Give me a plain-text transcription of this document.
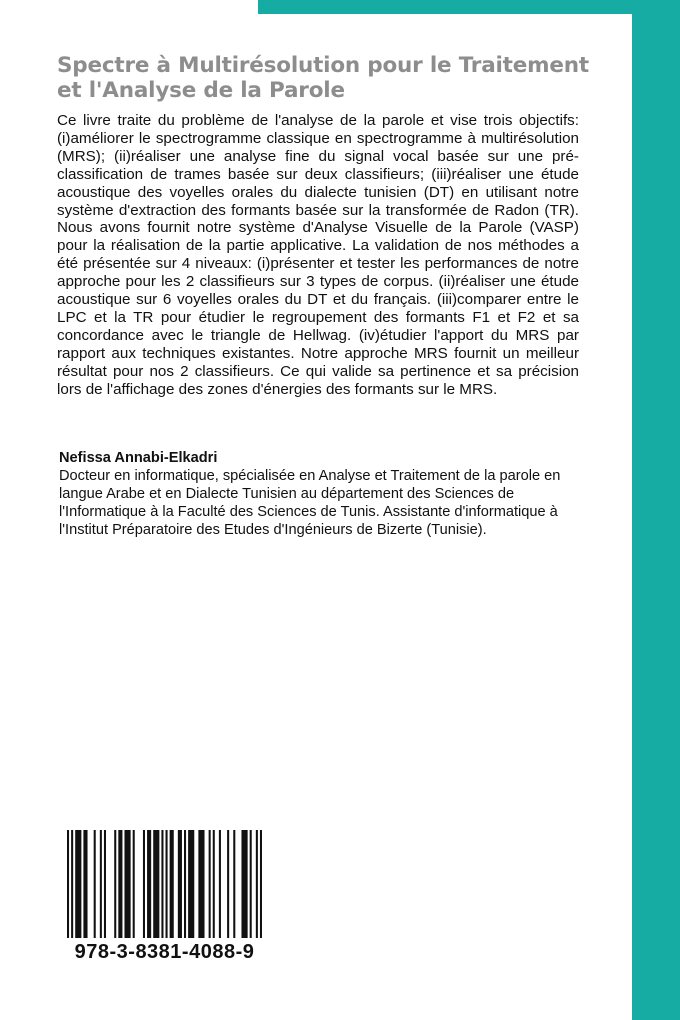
Spectre à Multirésolution pour le Traitement et l'Analyse de la Parole

Ce livre traite du problème de l'analyse de la parole et vise trois objectifs: (i)améliorer le spectrogramme classique en spectrogramme à multirésolution (MRS); (ii)réaliser une analyse fine du signal vocal basée sur une pré-classification de trames basée sur deux classifieurs; (iii)réaliser une étude acoustique des voyelles orales du dialecte tunisien (DT) en utilisant notre système d'extraction des formants basée sur la transformée de Radon (TR). Nous avons fournit notre système d'Analyse Visuelle de la Parole (VASP) pour la réalisation de la partie applicative. La validation de nos méthodes a été présentée sur 4 niveaux: (i)présenter et tester les performances de notre approche pour les 2 classifieurs sur 3 types de corpus. (ii)réaliser une étude acoustique sur 6 voyelles orales du DT et du français. (iii)comparer entre le LPC et la TR pour étudier le regroupement des formants F1 et F2 et sa concordance avec le triangle de Hellwag. (iv)étudier l'apport du MRS par rapport aux techniques existantes. Notre approche MRS fournit un meilleur résultat pour nos 2 classifieurs. Ce qui valide sa pertinence et sa précision lors de l'affichage des zones d'énergies des formants sur le MRS.

Nefissa Annabi-Elkadri

Docteur en informatique, spécialisée en Analyse et Traitement de la parole en langue Arabe et en Dialecte Tunisien au département des Sciences de l'Informatique à la Faculté des Sciences de Tunis. Assistante d'informatique à l'Institut Préparatoire des Etudes d'Ingénieurs de Bizerte (Tunisie).

978-3-8381-4088-9
